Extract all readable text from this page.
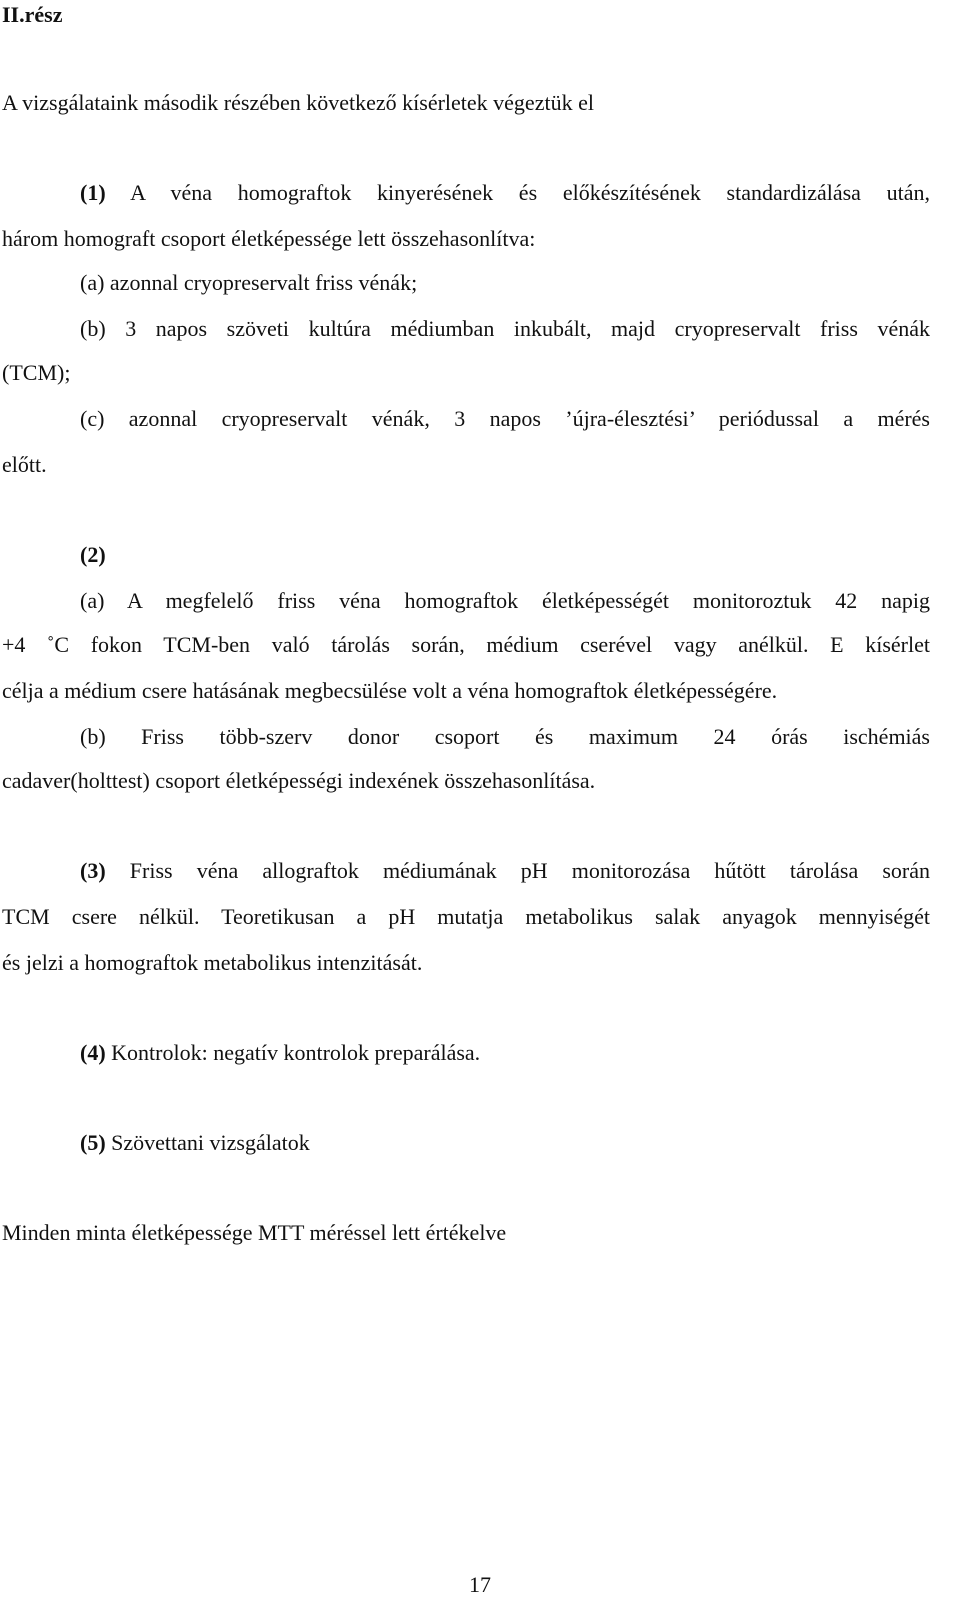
II.rész
A vizsgálataink második részében következő kísérletek végeztük el
(1) A véna homograftok kinyerésének és előkészítésének standardizálása után,
három homograft csoport életképessége lett összehasonlítva:
(a) azonnal cryopreservalt friss vénák;
(b) 3 napos szöveti kultúra médiumban inkubált, majd cryopreservalt friss vénák
(TCM);
(c) azonnal cryopreservalt vénák, 3 napos ’újra-élesztési’ periódussal a mérés
előtt.
(2)
(a) A megfelelő friss véna homograftok életképességét monitoroztuk 42 napig
+4 ˚C fokon TCM-ben való tárolás során, médium cserével vagy anélkül. E kísérlet
célja a médium csere hatásának megbecsülése volt a véna homograftok életképességére.
(b) Friss több-szerv donor csoport és maximum 24 órás ischémiás
cadaver(holttest) csoport életképességi indexének összehasonlítása.
(3) Friss véna allograftok médiumának pH monitorozása hűtött tárolása során
TCM csere nélkül. Teoretikusan a pH mutatja metabolikus salak anyagok mennyiségét
és jelzi a homograftok metabolikus intenzitását.
(4) Kontrolok: negatív kontrolok preparálása.
(5) Szövettani vizsgálatok
Minden minta életképessége MTT méréssel lett értékelve
17
